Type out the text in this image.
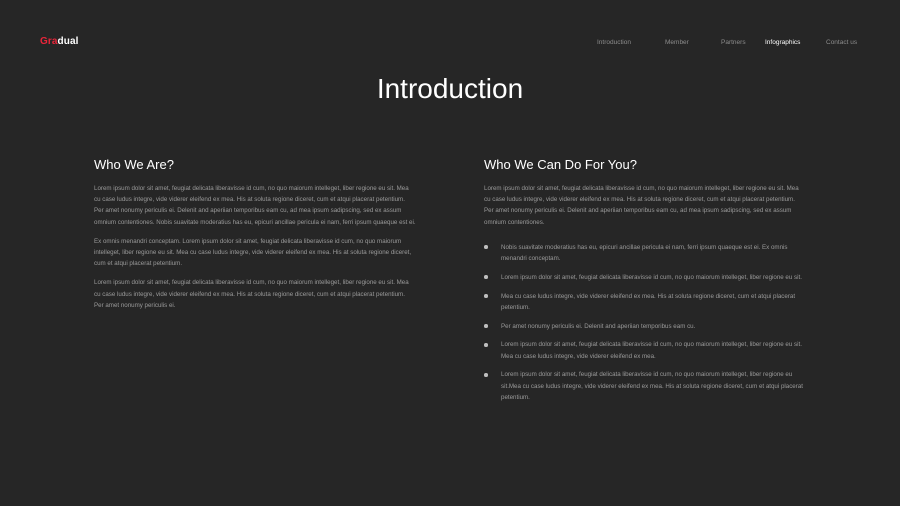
Gradual	Introduction	Member	Partners	Infographics	Contact us
Introduction
Who We Are?

Lorem ipsum dolor sit amet, feugiat delicata liberavisse id cum, no quo maiorum intelleget, liber regione eu sit. Mea cu case ludus integre, vide viderer eleifend ex mea. His at soluta regione diceret, cum et atqui placerat petentium. Per amet nonumy periculis ei. Delenit and aperiian temporibus eam cu, ad mea ipsum sadipscing, sed ex assum omnium contentiones. Nobis suavitate moderatius has eu, epicuri ancillae pericula ei nam, ferri ipsum quaeque est ei.

Ex omnis menandri conceptam. Lorem ipsum dolor sit amet, feugiat delicata liberavisse id cum, no quo maiorum intelleget, liber regione eu sit. Mea cu case ludus integre, vide viderer eleifend ex mea. His at soluta regione diceret, cum et atqui placerat petentium.

Lorem ipsum dolor sit amet, feugiat delicata liberavisse id cum, no quo maiorum intelleget, liber regione eu sit. Mea cu case ludus integre, vide viderer eleifend ex mea. His at soluta regione diceret, cum et atqui placerat petentium. Per amet nonumy periculis ei.

Who We Can Do For You?

Lorem ipsum dolor sit amet, feugiat delicata liberavisse id cum, no quo maiorum intelleget, liber regione eu sit. Mea cu case ludus integre, vide viderer eleifend ex mea. His at soluta regione diceret, cum et atqui placerat petentium. Per amet nonumy periculis ei. Delenit and aperiian temporibus eam cu, ad mea ipsum sadipscing, sed ex assum omnium contentiones.

Nobis suavitate moderatius has eu, epicuri ancillae pericula ei nam, ferri ipsum quaeque est ei. Ex omnis menandri conceptam.
Lorem ipsum dolor sit amet, feugiat delicata liberavisse id cum, no quo maiorum intelleget, liber regione eu sit.
Mea cu case ludus integre, vide viderer eleifend ex mea. His at soluta regione diceret, cum et atqui placerat petentium.
Per amet nonumy periculis ei. Delenit and aperiian temporibus eam cu.
Lorem ipsum dolor sit amet, feugiat delicata liberavisse id cum, no quo maiorum intelleget, liber regione eu sit. Mea cu case ludus integre, vide viderer eleifend ex mea.
Lorem ipsum dolor sit amet, feugiat delicata liberavisse id cum, no quo maiorum intelleget, liber regione eu sit.Mea cu case ludus integre, vide viderer eleifend ex mea. His at soluta regione diceret, cum et atqui placerat petentium.
